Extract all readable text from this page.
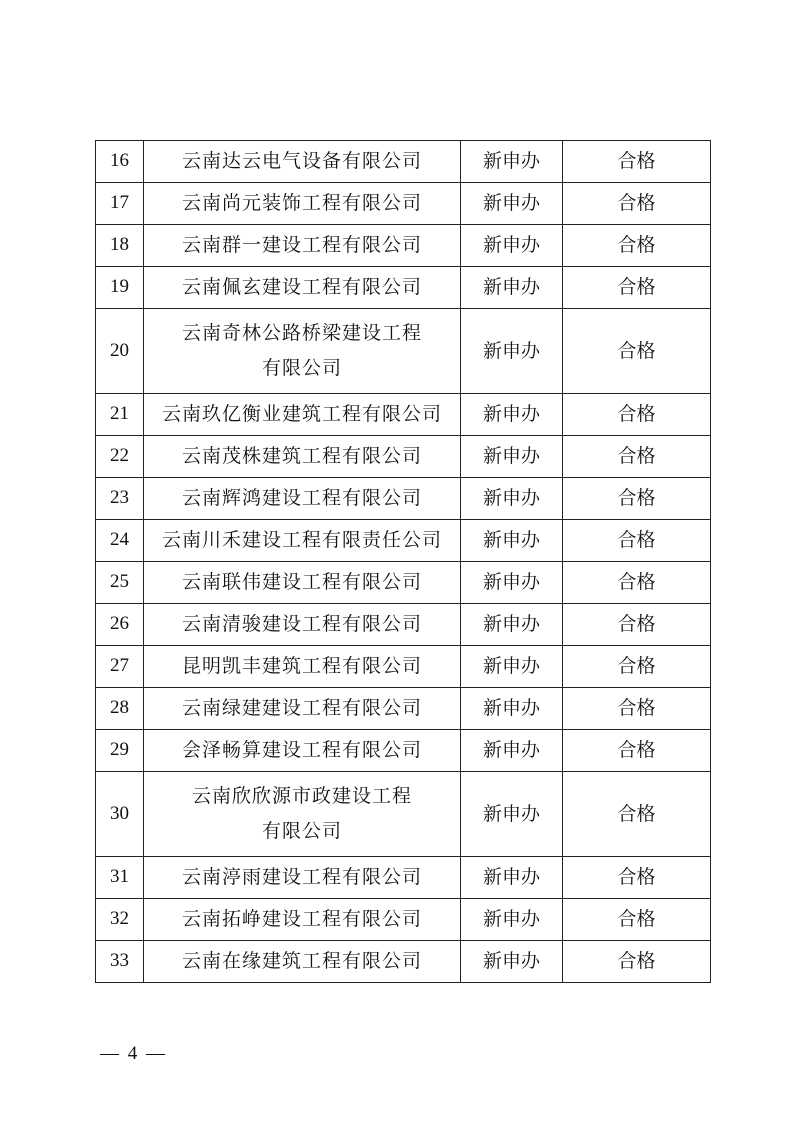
16	云南达云电气设备有限公司	新申办	合格
17	云南尚元装饰工程有限公司	新申办	合格
18	云南群一建设工程有限公司	新申办	合格
19	云南佩玄建设工程有限公司	新申办	合格
20	云南奇林公路桥梁建设工程
有限公司	新申办	合格
21	云南玖亿衡业建筑工程有限公司	新申办	合格
22	云南茂株建筑工程有限公司	新申办	合格
23	云南辉鸿建设工程有限公司	新申办	合格
24	云南川禾建设工程有限责任公司	新申办	合格
25	云南联伟建设工程有限公司	新申办	合格
26	云南清骏建设工程有限公司	新申办	合格
27	昆明凯丰建筑工程有限公司	新申办	合格
28	云南绿建建设工程有限公司	新申办	合格
29	会泽畅算建设工程有限公司	新申办	合格
30	云南欣欣源市政建设工程
有限公司	新申办	合格
31	云南渟雨建设工程有限公司	新申办	合格
32	云南拓峥建设工程有限公司	新申办	合格
33	云南在缘建筑工程有限公司	新申办	合格
— 4 —
